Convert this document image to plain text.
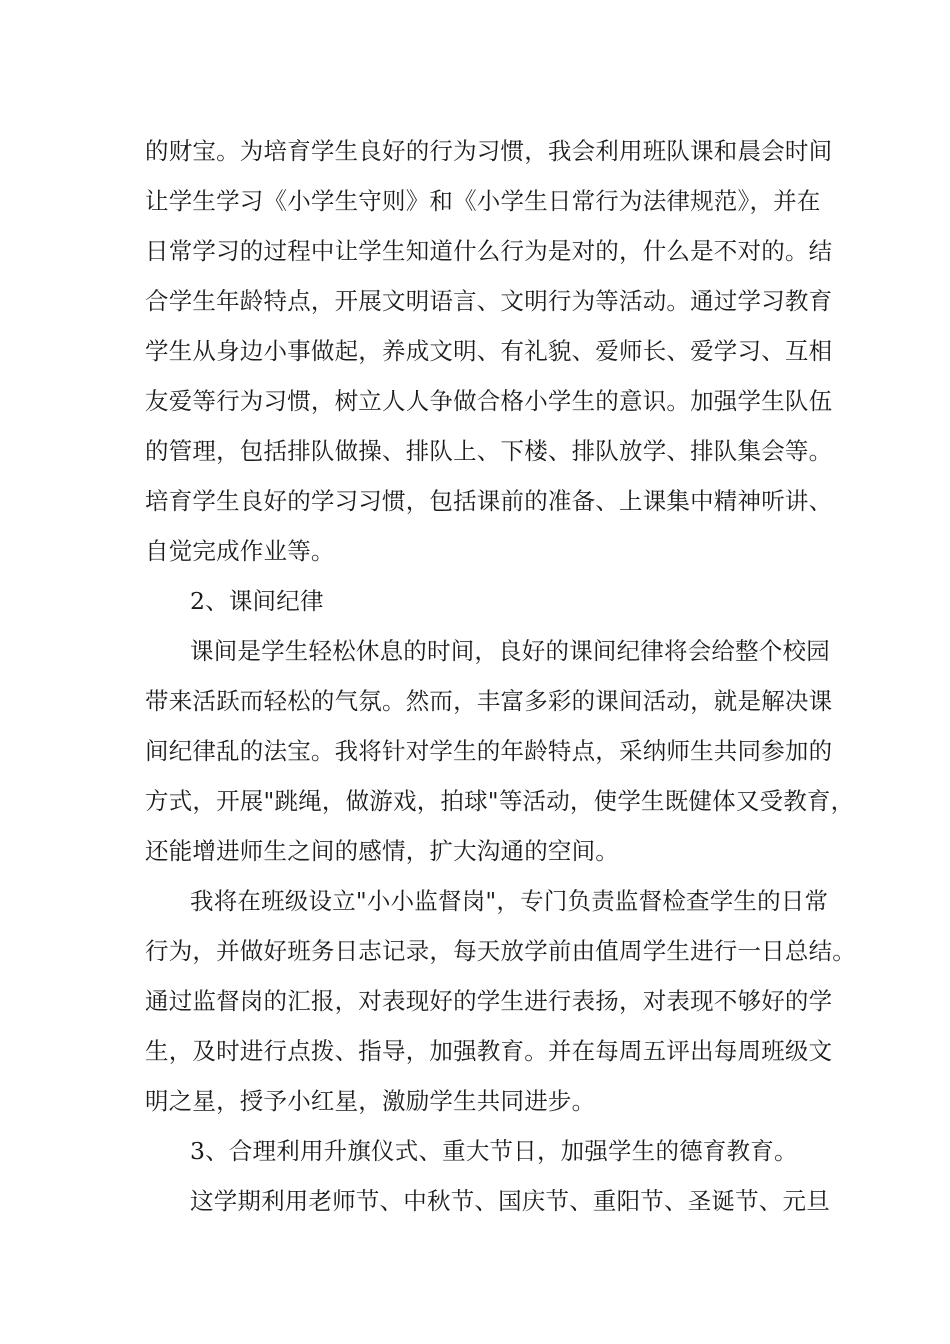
的财宝。为培育学生良好的行为习惯，我会利用班队课和晨会时间
让学生学习《小学生守则》和《小学生日常行为法律规范》，并在
日常学习的过程中让学生知道什么行为是对的，什么是不对的。结
合学生年龄特点，开展文明语言、文明行为等活动。通过学习教育
学生从身边小事做起，养成文明、有礼貌、爱师长、爱学习、互相
友爱等行为习惯，树立人人争做合格小学生的意识。加强学生队伍
的管理，包括排队做操、排队上、下楼、排队放学、排队集会等。
培育学生良好的学习习惯，包括课前的准备、上课集中精神听讲、
自觉完成作业等。
2、课间纪律
课间是学生轻松休息的时间，良好的课间纪律将会给整个校园
带来活跃而轻松的气氛。然而，丰富多彩的课间活动，就是解决课
间纪律乱的法宝。我将针对学生的年龄特点，采纳师生共同参加的
方式，开展"跳绳，做游戏，拍球"等活动，使学生既健体又受教育，
还能增进师生之间的感情，扩大沟通的空间。
我将在班级设立"小小监督岗"，专门负责监督检查学生的日常
行为，并做好班务日志记录，每天放学前由值周学生进行一日总结。
通过监督岗的汇报，对表现好的学生进行表扬，对表现不够好的学
生，及时进行点拨、指导，加强教育。并在每周五评出每周班级文
明之星，授予小红星，激励学生共同进步。
3、合理利用升旗仪式、重大节日，加强学生的德育教育。
这学期利用老师节、中秋节、国庆节、重阳节、圣诞节、元旦
